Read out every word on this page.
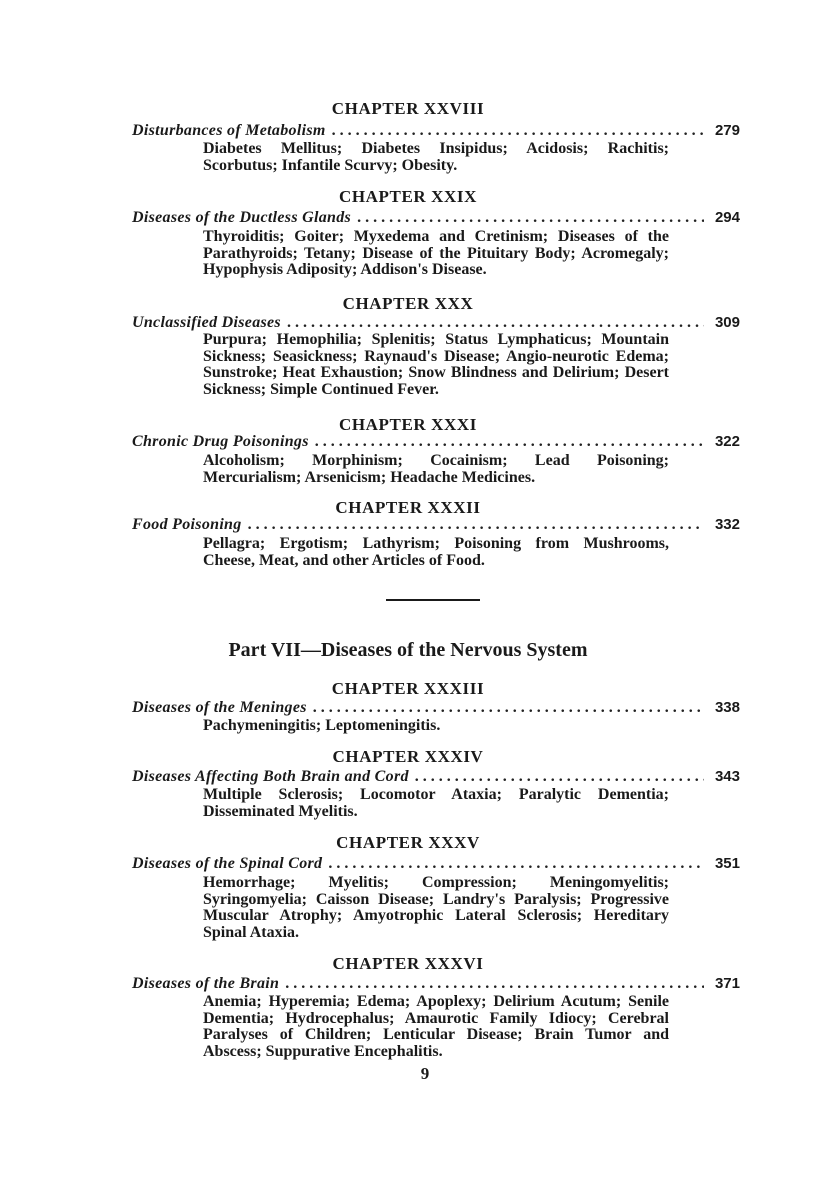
CHAPTER XXVIII
Disturbances of Metabolism . . .	279
Diabetes Mellitus; Diabetes Insipidus; Acidosis; Rachitis; Scorbutus; Infantile Scurvy; Obesity.
CHAPTER XXIX
Diseases of the Ductless Glands . . .	294
Thyroiditis; Goiter; Myxedema and Cretinism; Diseases of the Parathyroids; Tetany; Disease of the Pituitary Body; Acromegaly; Hypophysis Adiposity; Addison's Disease.
CHAPTER XXX
Unclassified Diseases . . .	309
Purpura; Hemophilia; Splenitis; Status Lymphaticus; Mountain Sickness; Seasickness; Raynaud's Disease; Angio-neurotic Edema; Sunstroke; Heat Exhaustion; Snow Blindness and Delirium; Desert Sickness; Simple Continued Fever.
CHAPTER XXXI
Chronic Drug Poisonings . . .	322
Alcoholism; Morphinism; Cocainism; Lead Poisoning; Mercurialism; Arsenicism; Headache Medicines.
CHAPTER XXXII
Food Poisoning . . .	332
Pellagra; Ergotism; Lathyrism; Poisoning from Mushrooms, Cheese, Meat, and other Articles of Food.
Part VII—Diseases of the Nervous System
CHAPTER XXXIII
Diseases of the Meninges . . .	338
Pachymeningitis; Leptomeningitis.
CHAPTER XXXIV
Diseases Affecting Both Brain and Cord . . .	343
Multiple Sclerosis; Locomotor Ataxia; Paralytic Dementia; Disseminated Myelitis.
CHAPTER XXXV
Diseases of the Spinal Cord . . .	351
Hemorrhage; Myelitis; Compression; Meningomyelitis; Syringomyelia; Caisson Disease; Landry's Paralysis; Progressive Muscular Atrophy; Amyotrophic Lateral Sclerosis; Hereditary Spinal Ataxia.
CHAPTER XXXVI
Diseases of the Brain . . .	371
Anemia; Hyperemia; Edema; Apoplexy; Delirium Acutum; Senile Dementia; Hydrocephalus; Amaurotic Family Idiocy; Cerebral Paralyses of Children; Lenticular Disease; Brain Tumor and Abscess; Suppurative Encephalitis.
9
